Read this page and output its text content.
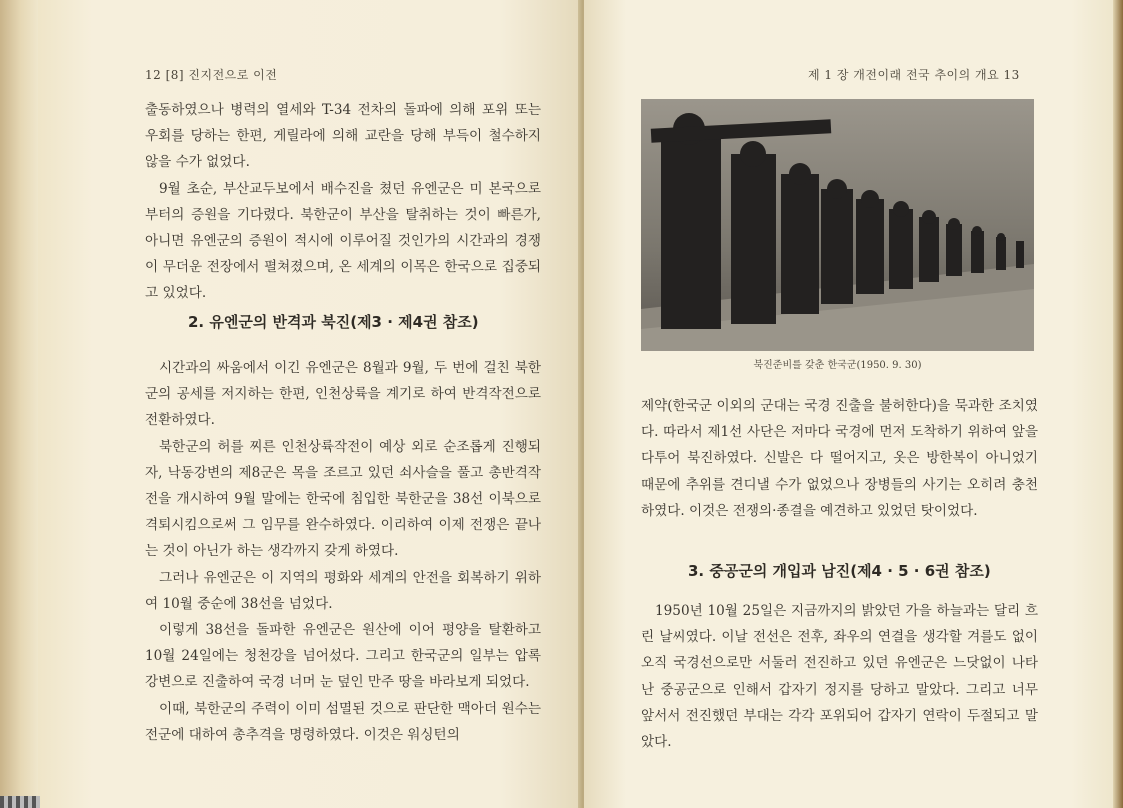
12 [8] 진지전으로 이전

출동하였으나 병력의 열세와 T-34 전차의 돌파에 의해 포위 또는 우회를 당하는 한편, 게릴라에 의해 교란을 당해 부득이 철수하지 않을 수가 없었다.

9월 초순, 부산교두보에서 배수진을 쳤던 유엔군은 미 본국으로부터의 증원을 기다렸다. 북한군이 부산을 탈취하는 것이 빠른가, 아니면 유엔군의 증원이 적시에 이루어질 것인가의 시간과의 경쟁이 무더운 전장에서 펼쳐졌으며, 온 세계의 이목은 한국으로 집중되고 있었다.

2. 유엔군의 반격과 북진(제3 · 제4권 참조)

시간과의 싸움에서 이긴 유엔군은 8월과 9월, 두 번에 걸친 북한군의 공세를 저지하는 한편, 인천상륙을 계기로 하여 반격작전으로 전환하였다.

북한군의 허를 찌른 인천상륙작전이 예상 외로 순조롭게 진행되자, 낙동강변의 제8군은 목을 조르고 있던 쇠사슬을 풀고 총반격작전을 개시하여 9월 말에는 한국에 침입한 북한군을 38선 이북으로 격퇴시킴으로써 그 임무를 완수하였다. 이리하여 이제 전쟁은 끝나는 것이 아닌가 하는 생각까지 갖게 하였다.

그러나 유엔군은 이 지역의 평화와 세계의 안전을 회복하기 위하여 10월 중순에 38선을 넘었다.

이렇게 38선을 돌파한 유엔군은 원산에 이어 평양을 탈환하고 10월 24일에는 청천강을 넘어섰다. 그리고 한국군의 일부는 압록강변으로 진출하여 국경 너머 눈 덮인 만주 땅을 바라보게 되었다.

이때, 북한군의 주력이 이미 섬멸된 것으로 판단한 맥아더 원수는 전군에 대하여 총추격을 명령하였다. 이것은 워싱턴의

제 1 장 개전이래 전국 추이의 개요 13
북진준비를 갖춘 한국군(1950. 9. 30)

제약(한국군 이외의 군대는 국경 진출을 불허한다)을 묵과한 조치였다. 따라서 제1선 사단은 저마다 국경에 먼저 도착하기 위하여 앞을 다투어 북진하였다. 신발은 다 떨어지고, 옷은 방한복이 아니었기 때문에 추위를 견디낼 수가 없었으나 장병들의 사기는 오히려 충천하였다. 이것은 전쟁의·종결을 예견하고 있었던 탓이었다.

3. 중공군의 개입과 남진(제4 · 5 · 6권 참조)

1950년 10월 25일은 지금까지의 밝았던 가을 하늘과는 달리 흐린 날씨였다. 이날 전선은 전후, 좌우의 연결을 생각할 겨를도 없이 오직 국경선으로만 서둘러 전진하고 있던 유엔군은 느닷없이 나타난 중공군으로 인해서 갑자기 정지를 당하고 말았다. 그리고 너무 앞서서 전진했던 부대는 각각 포위되어 갑자기 연락이 두절되고 말았다.
